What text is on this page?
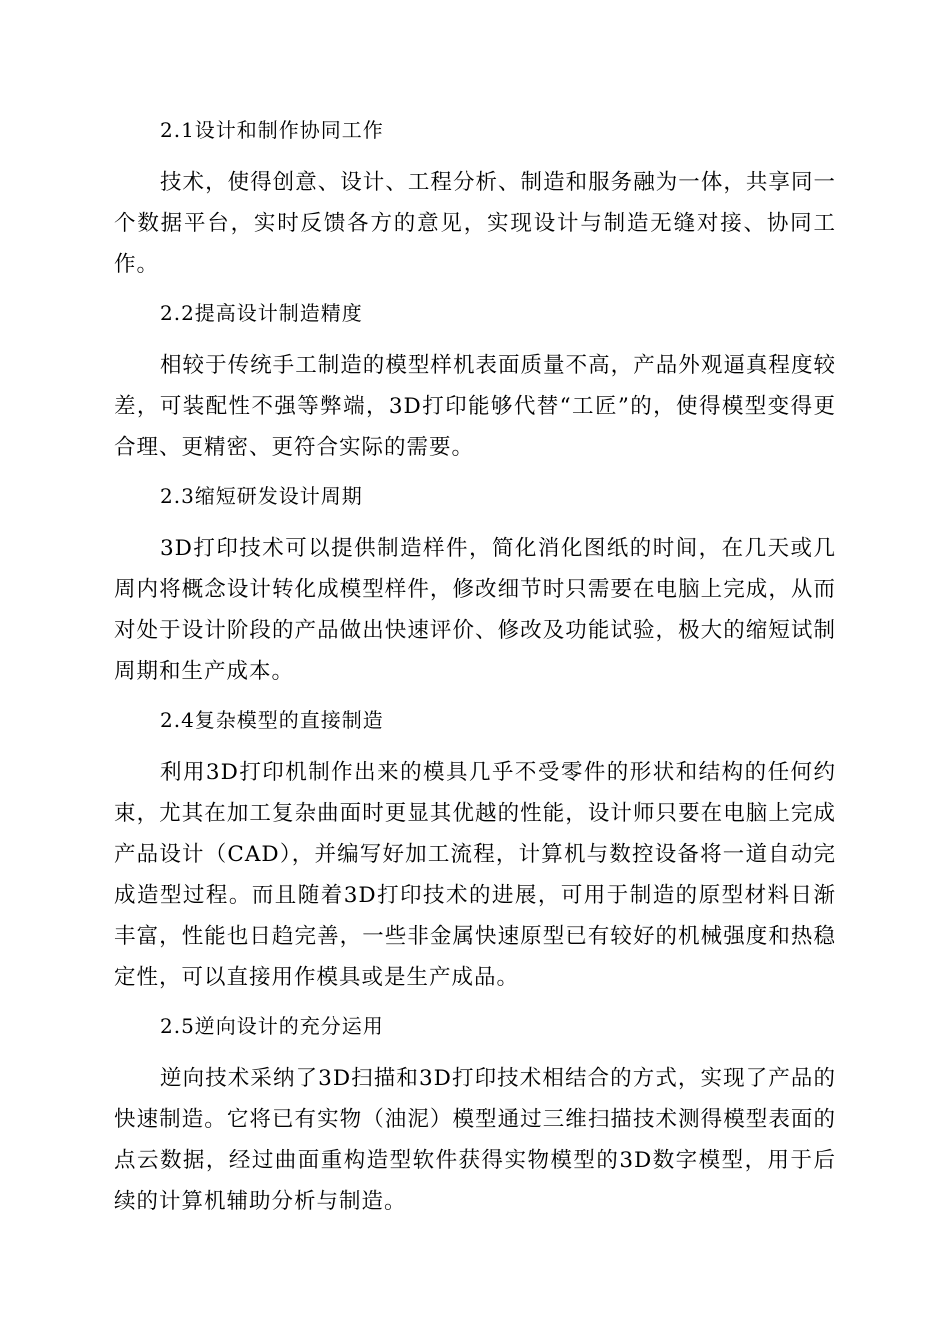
2.1设计和制作协同工作

技术，使得创意、设计、工程分析、制造和服务融为一体，共享同一个数据平台，实时反馈各方的意见，实现设计与制造无缝对接、协同工作。

2.2提高设计制造精度

相较于传统手工制造的模型样机表面质量不高，产品外观逼真程度较差，可装配性不强等弊端，3D打印能够代替“工匠”的，使得模型变得更合理、更精密、更符合实际的需要。

2.3缩短研发设计周期

3D打印技术可以提供制造样件，简化消化图纸的时间，在几天或几周内将概念设计转化成模型样件，修改细节时只需要在电脑上完成，从而对处于设计阶段的产品做出快速评价、修改及功能试验，极大的缩短试制周期和生产成本。

2.4复杂模型的直接制造

利用3D打印机制作出来的模具几乎不受零件的形状和结构的任何约束，尤其在加工复杂曲面时更显其优越的性能，设计师只要在电脑上完成产品设计（CAD），并编写好加工流程，计算机与数控设备将一道自动完成造型过程。而且随着3D打印技术的进展，可用于制造的原型材料日渐丰富，性能也日趋完善，一些非金属快速原型已有较好的机械强度和热稳定性，可以直接用作模具或是生产成品。

2.5逆向设计的充分运用

逆向技术采纳了3D扫描和3D打印技术相结合的方式，实现了产品的快速制造。它将已有实物（油泥）模型通过三维扫描技术测得模型表面的点云数据，经过曲面重构造型软件获得实物模型的3D数字模型，用于后续的计算机辅助分析与制造。
